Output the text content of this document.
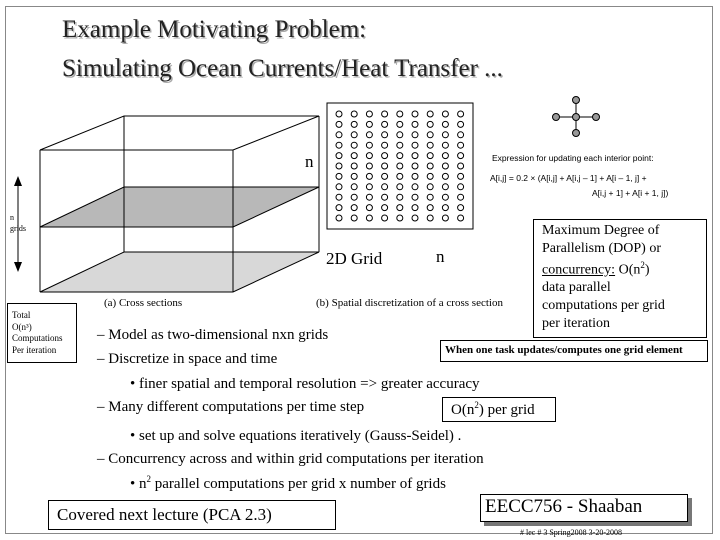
Example Motivating Problem:
Simulating Ocean Currents/Heat Transfer ...
n
n
2D Grid
n
grids
(a) Cross sections	(b) Spatial discretization of a cross section
Expression for updating each interior point:
A[i,j] = 0.2 × (A[i,j] + A[i,j – 1] + A[i – 1, j] +
A[i,j + 1] + A[i + 1, j])
Total
O(n³)
Computations
Per iteration
Maximum Degree of
Parallelism (DOP) or
concurrency: $O(n^2)$
data parallel
computations per grid
per iteration
When one task updates/computes one grid element
– Model as two-dimensional nxn grids
– Discretize in space and time
• finer spatial and temporal resolution => greater accuracy
– Many different computations per time step	$O(n^2)$ per grid
• set up and solve equations iteratively (Gauss-Seidel) .
– Concurrency across and within grid computations per iteration
• $n^2$ parallel computations per grid x number of grids
Covered next lecture (PCA 2.3)	EECC756 - Shaaban
# lec # 3 Spring2008 3-20-2008
